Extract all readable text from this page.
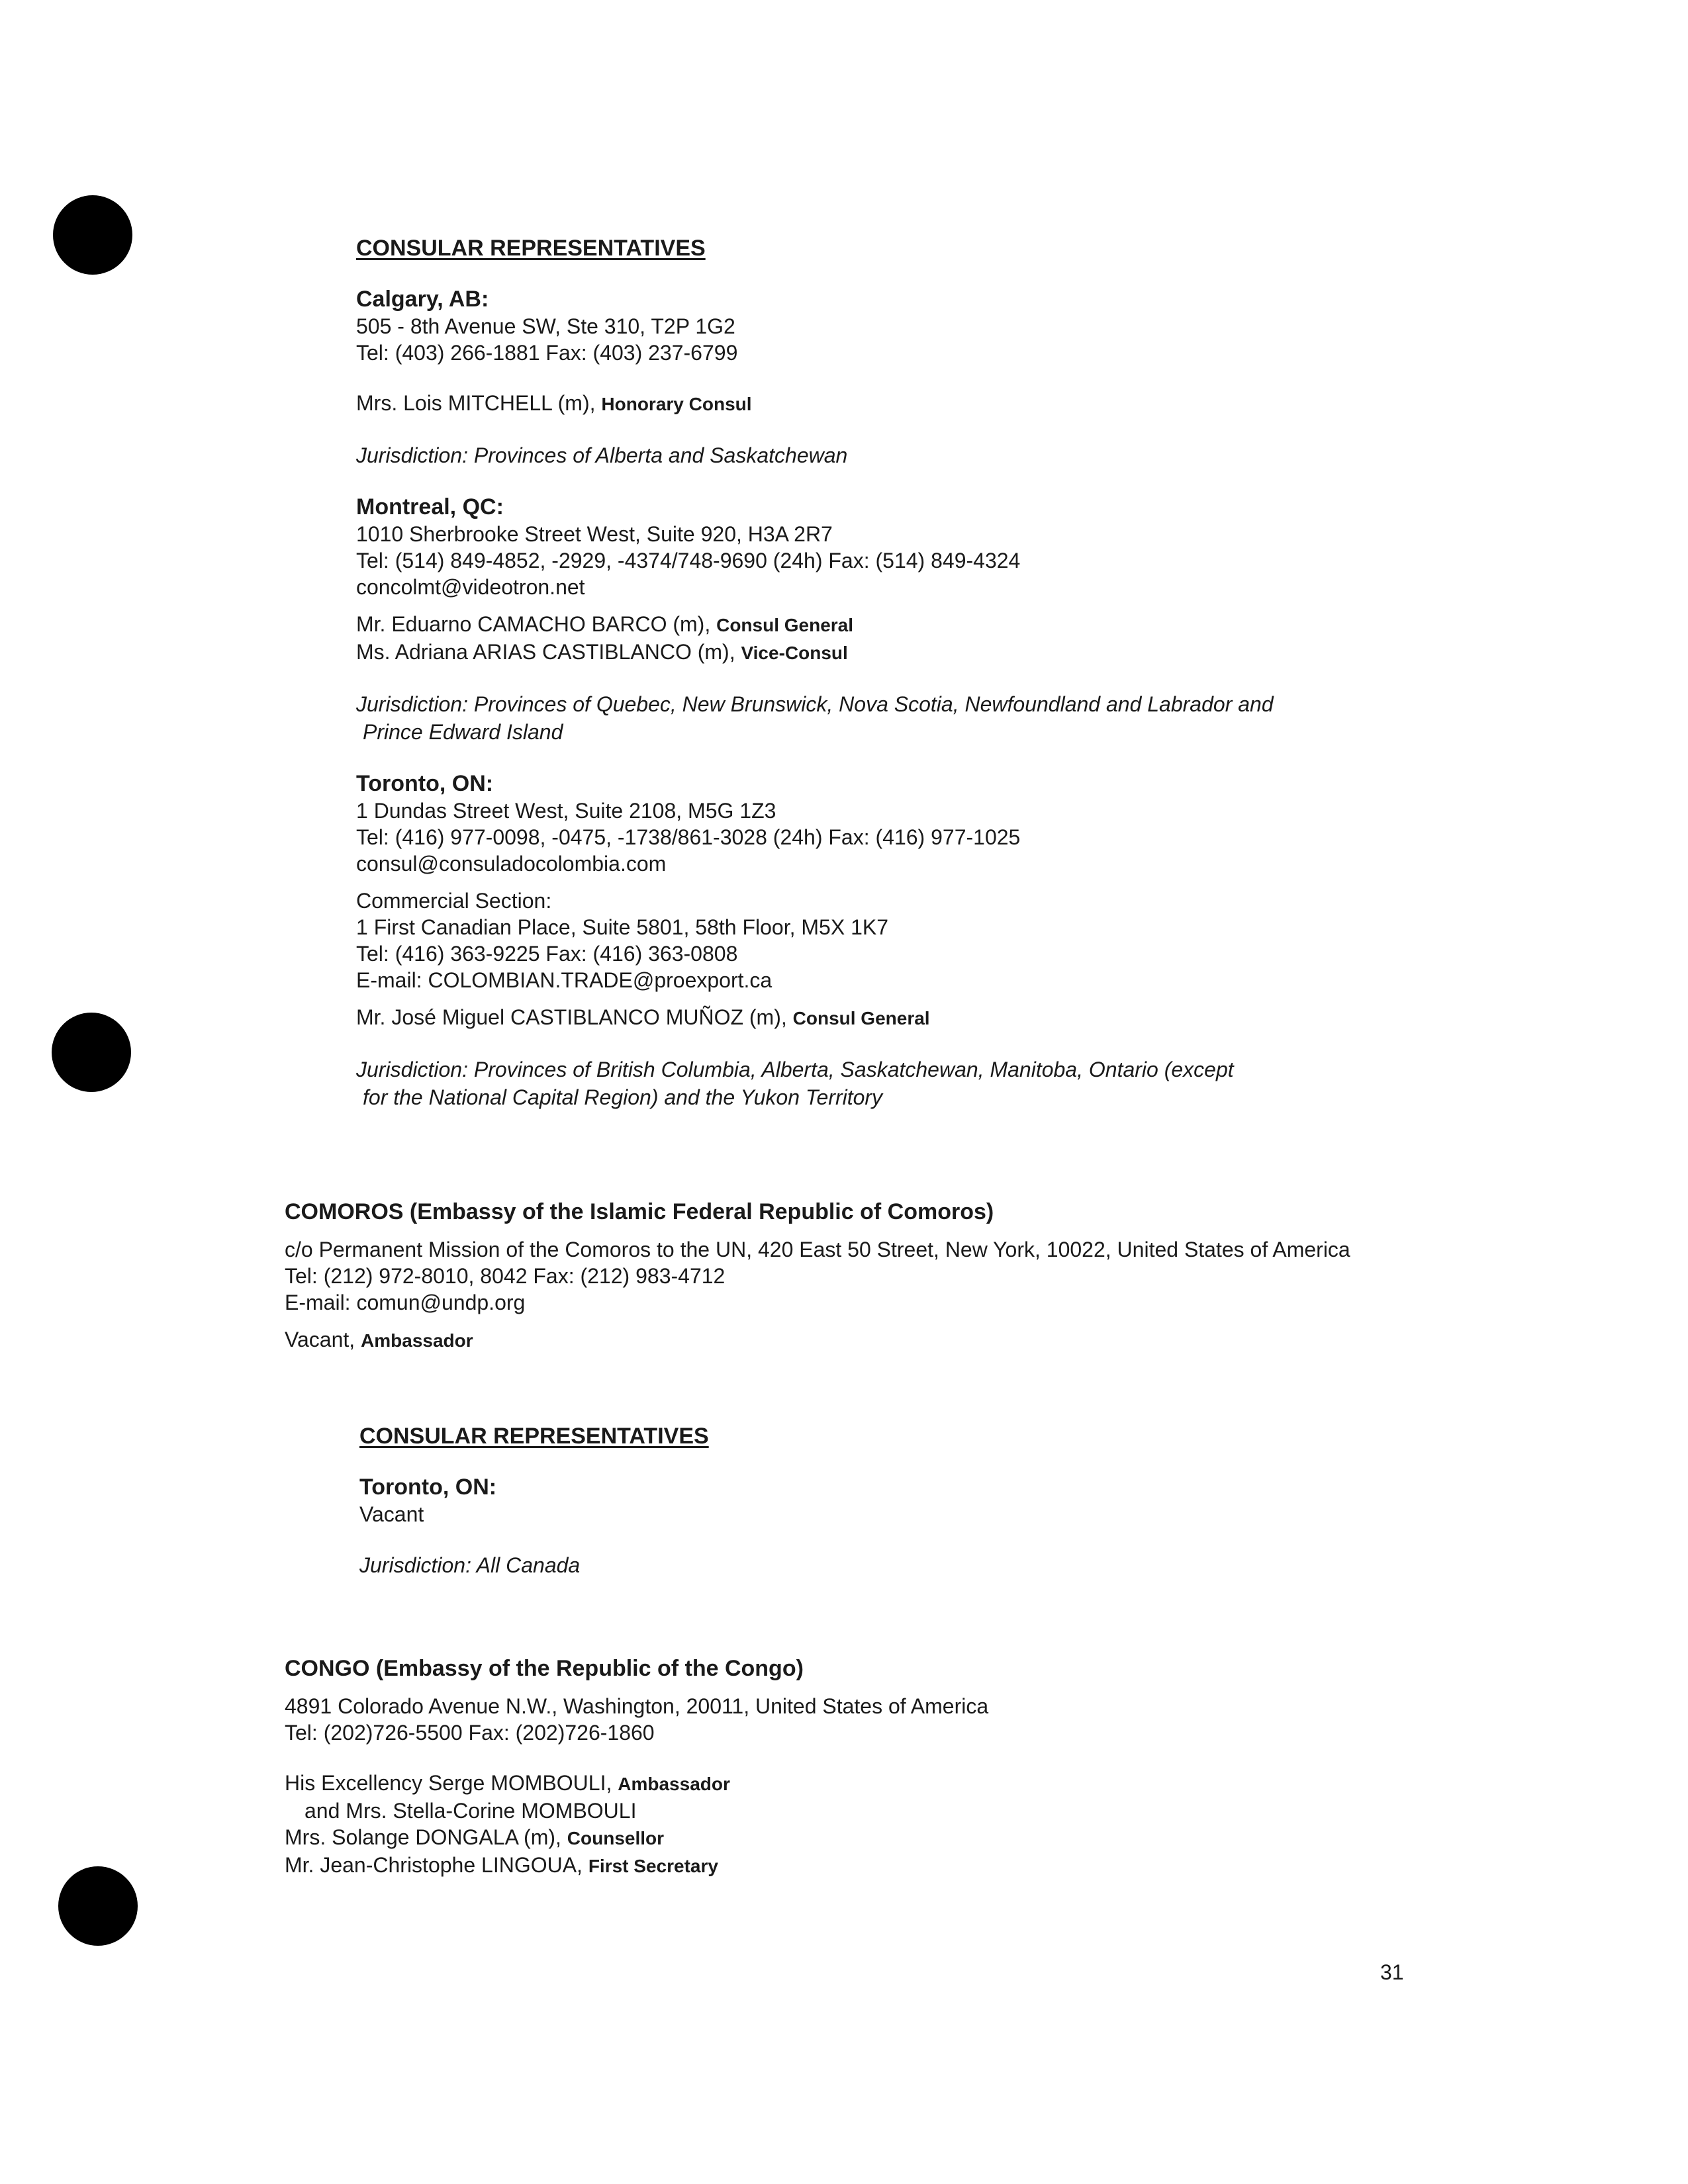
CONSULAR REPRESENTATIVES
Calgary, AB:
505 - 8th Avenue SW, Ste 310, T2P 1G2
Tel: (403) 266-1881 Fax: (403) 237-6799
Mrs. Lois MITCHELL (m), Honorary Consul
Jurisdiction: Provinces of Alberta and Saskatchewan
Montreal, QC:
1010 Sherbrooke Street West, Suite 920, H3A 2R7
Tel: (514) 849-4852, -2929, -4374/748-9690 (24h) Fax: (514) 849-4324
concolmt@videotron.net
Mr. Eduarno CAMACHO BARCO (m), Consul General
Ms. Adriana ARIAS CASTIBLANCO (m), Vice-Consul
Jurisdiction: Provinces of Quebec, New Brunswick, Nova Scotia, Newfoundland and Labrador and
Prince Edward Island
Toronto, ON:
1 Dundas Street West, Suite 2108, M5G 1Z3
Tel: (416) 977-0098, -0475, -1738/861-3028 (24h) Fax: (416) 977-1025
consul@consuladocolombia.com
Commercial Section:
1 First Canadian Place, Suite 5801, 58th Floor, M5X 1K7
Tel: (416) 363-9225 Fax: (416) 363-0808
E-mail: COLOMBIAN.TRADE@proexport.ca
Mr. José Miguel CASTIBLANCO MUÑOZ (m), Consul General
Jurisdiction: Provinces of British Columbia, Alberta, Saskatchewan, Manitoba, Ontario (except
for the National Capital Region) and the Yukon Territory
COMOROS (Embassy of the Islamic Federal Republic of Comoros)
c/o Permanent Mission of the Comoros to the UN, 420 East 50 Street, New York, 10022, United States of America
Tel: (212) 972-8010, 8042 Fax: (212) 983-4712
E-mail: comun@undp.org
Vacant, Ambassador
CONSULAR REPRESENTATIVES
Toronto, ON:
Vacant
Jurisdiction: All Canada
CONGO (Embassy of the Republic of the Congo)
4891 Colorado Avenue N.W., Washington, 20011, United States of America
Tel: (202)726-5500 Fax: (202)726-1860
His Excellency Serge MOMBOULI, Ambassador
and Mrs. Stella-Corine MOMBOULI
Mrs. Solange DONGALA (m), Counsellor
Mr. Jean-Christophe LINGOUA, First Secretary
31
